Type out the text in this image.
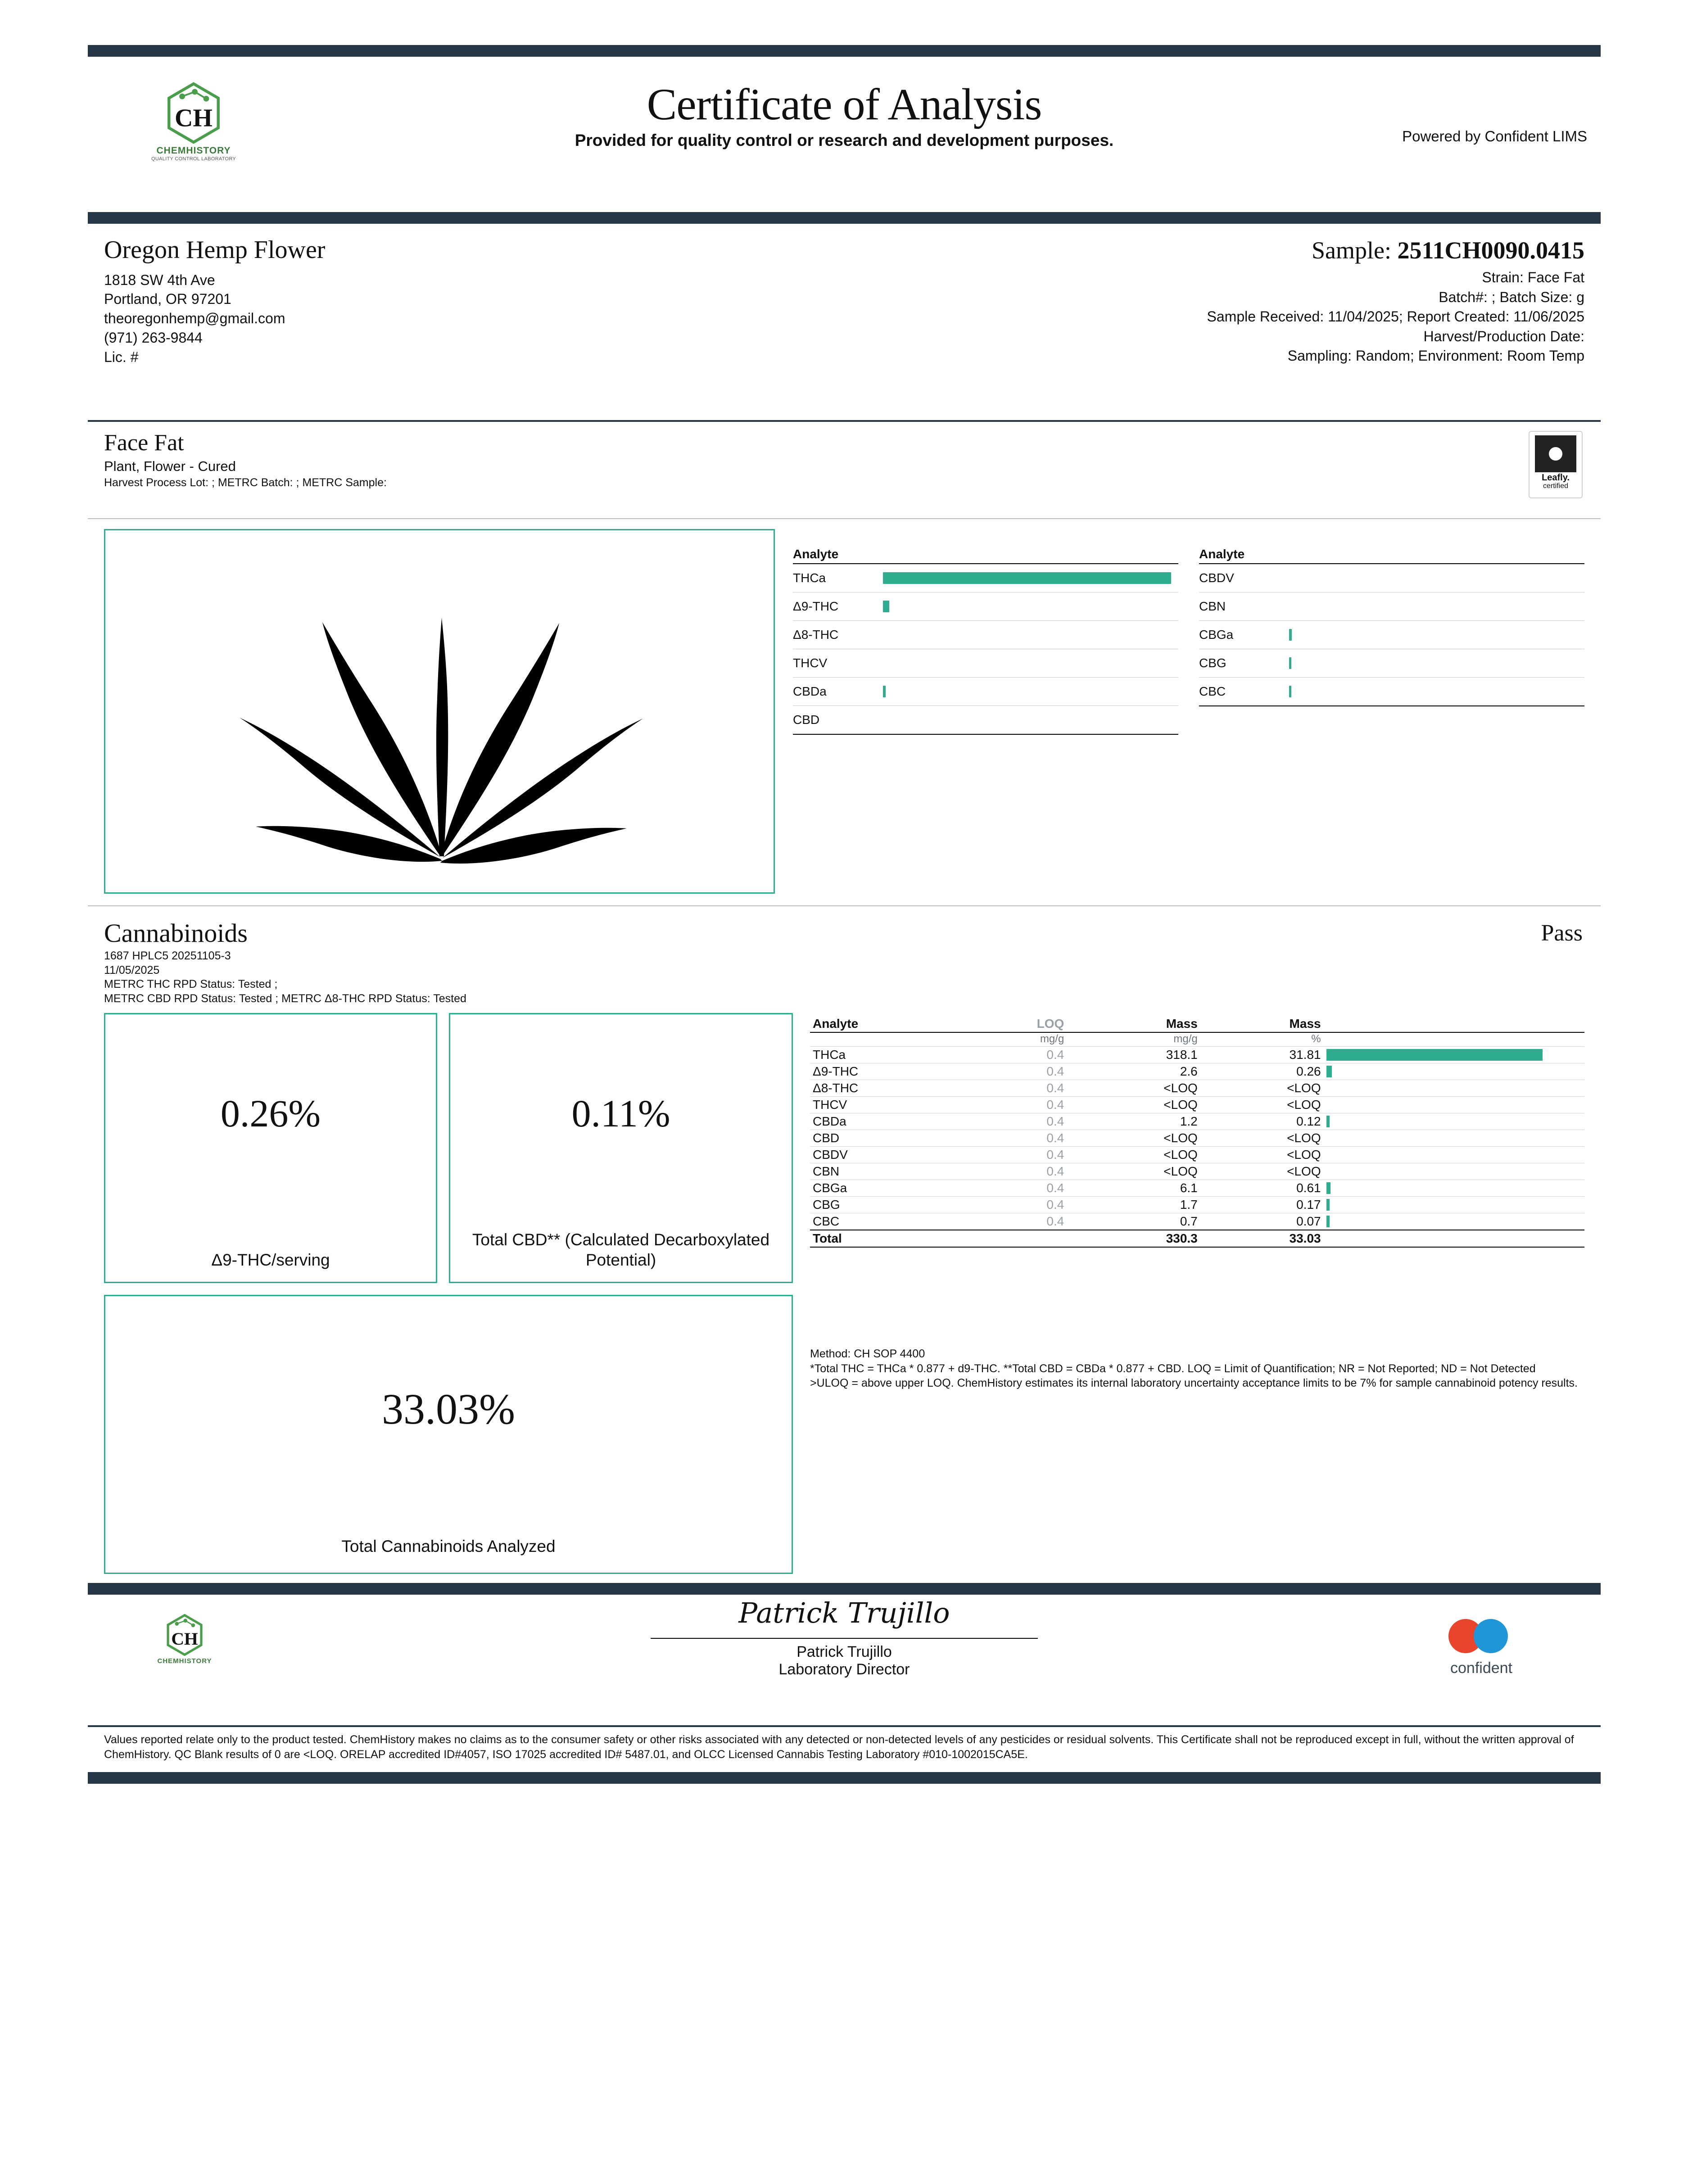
CH
CHEMHISTORY
QUALITY CONTROL LABORATORY
Certificate of Analysis
Provided for quality control or research and development purposes.	Powered by Confident LIMS
Oregon Hemp Flower
1818 SW 4th Ave
Portland, OR 97201
theoregonhemp@gmail.com
(971) 263-9844
Lic. #
Sample: 2511CH0090.0415
Strain: Face Fat
Batch#: ; Batch Size: g
Sample Received: 11/04/2025; Report Created: 11/06/2025
Harvest/Production Date:
Sampling: Random; Environment: Room Temp
Face Fat
Plant, Flower - Cured
Harvest Process Lot: ; METRC Batch: ; METRC Sample:	Leafly.
certified
Analyte
THCa
Δ9-THC
Δ8-THC
THCV
CBDa
CBD
Analyte
CBDV
CBN
CBGa
CBG
CBC
Cannabinoids	Pass
1687 HPLC5 20251105-3
11/05/2025
METRC THC RPD Status: Tested ;
METRC CBD RPD Status: Tested ; METRC Δ8-THC RPD Status: Tested
0.26%
Δ9-THC/serving
0.11%
Total CBD** (Calculated Decarboxylated Potential)
33.03%
Total Cannabinoids Analyzed
Analyte	LOQ	Mass	Mass	
	mg/g	mg/g	%	
THCa	0.4	318.1	31.81	

Δ9-THC	0.4	2.6	0.26	

Δ8-THC	0.4	<LOQ	<LOQ	

THCV	0.4	<LOQ	<LOQ	

CBDa	0.4	1.2	0.12	

CBD	0.4	<LOQ	<LOQ	

CBDV	0.4	<LOQ	<LOQ	

CBN	0.4	<LOQ	<LOQ	

CBGa	0.4	6.1	0.61	

CBG	0.4	1.7	0.17	

CBC	0.4	0.7	0.07	

Total		330.3	33.03	
Method: CH SOP 4400
*Total THC = THCa * 0.877 + d9-THC. **Total CBD = CBDa * 0.877 + CBD. LOQ = Limit of Quantification; NR = Not Reported; ND = Not Detected
>ULOQ = above upper LOQ. ChemHistory estimates its internal laboratory uncertainty acceptance limits to be 7% for sample cannabinoid potency results.
CH
CHEMHISTORY
Patrick Trujillo
Patrick Trujillo
Laboratory Director	confident
Values reported relate only to the product tested. ChemHistory makes no claims as to the consumer safety or other risks associated with any detected or non-detected levels of any pesticides or residual solvents. This Certificate shall not be reproduced except in full, without the written approval of ChemHistory. QC Blank results of 0 are <LOQ. ORELAP accredited ID#4057, ISO 17025 accredited ID# 5487.01, and OLCC Licensed Cannabis Testing Laboratory #010-1002015CA5E.
